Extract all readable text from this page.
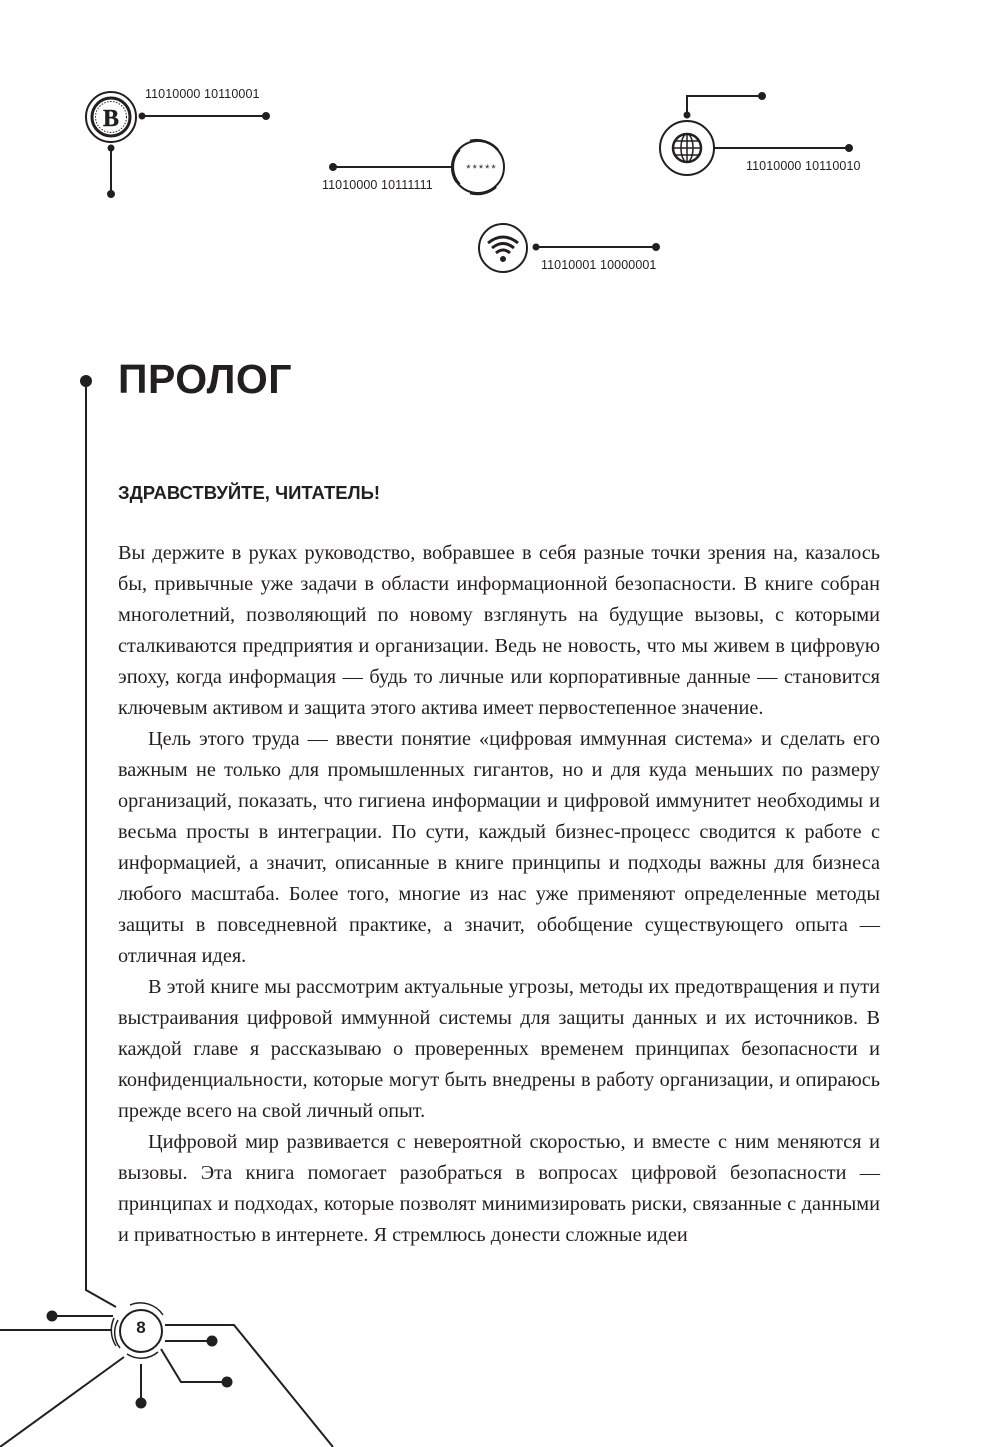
B
*****
11010000 10110001
11010000 10111111
11010000 10110010
11010001 10000001
ПРОЛОГ
ЗДРАВСТВУЙТЕ, ЧИТАТЕЛЬ!

Вы держите в руках руководство, вобравшее в себя разные точки зрения на, казалось бы, привычные уже задачи в области информационной безопасности. В книге собран многолетний, позволяющий по новому взглянуть на будущие вызовы, с которыми сталкиваются предприятия и организации. Ведь не новость, что мы живем в цифровую эпоху, когда информация — будь то личные или корпоративные данные — становится ключевым активом и защита этого актива имеет первостепенное значение.

Цель этого труда — ввести понятие «цифровая иммунная система» и сделать его важным не только для промышленных гигантов, но и для куда меньших по размеру организаций, показать, что гигиена информации и цифровой иммунитет необходимы и весьма просты в интеграции. По сути, каждый бизнес-процесс сводится к работе с информацией, а значит, описанные в книге принципы и подходы важны для бизнеса любого масштаба. Более того, многие из нас уже применяют определенные методы защиты в повседневной практике, а значит, обобщение существующего опыта — отличная идея.

В этой книге мы рассмотрим актуальные угрозы, методы их предотвращения и пути выстраивания цифровой иммунной системы для защиты данных и их источников. В каждой главе я рассказываю о проверенных временем принципах безопасности и конфиденциальности, которые могут быть внедрены в работу организации, и опираюсь прежде всего на свой личный опыт.

Цифровой мир развивается с невероятной скоростью, и вместе с ним меняются и вызовы. Эта книга помогает разобраться в вопросах цифровой безопасности — принципах и подходах, которые позволят минимизировать риски, связанные с данными и приватностью в интернете. Я стремлюсь донести сложные идеи

8
